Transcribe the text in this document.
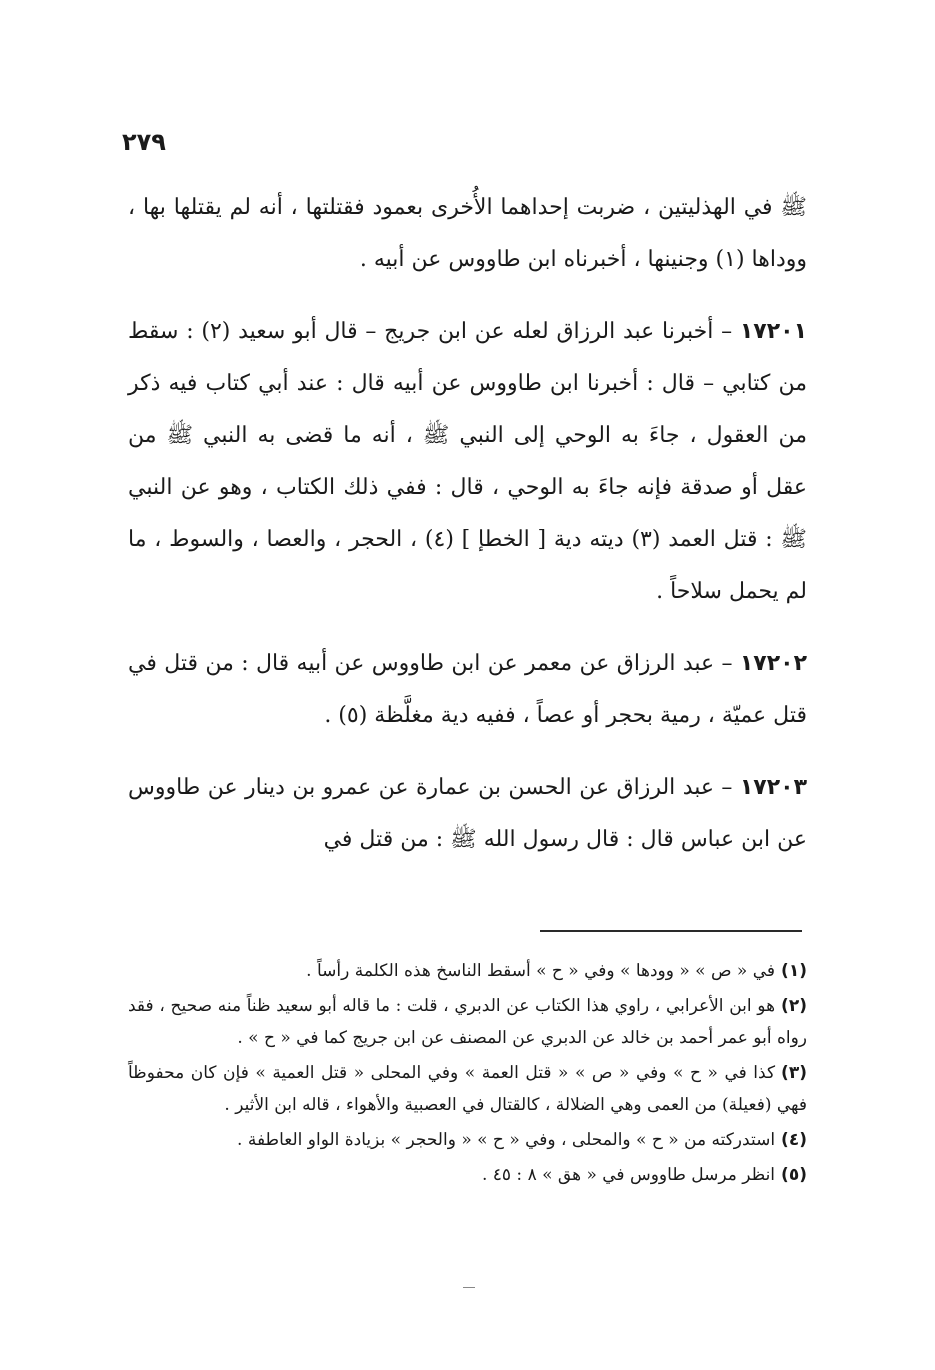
٢٧٩

ﷺ في الهذليتين ، ضربت إحداهما الأُخرى بعمود فقتلتها ، أنه لم يقتلها بها ، ووداها (١) وجنينها ، أخبرناه ابن طاووس عن أبيه .

١٧٢٠١ – أخبرنا عبد الرزاق لعله عن ابن جريج – قال أبو سعيد (٢) : سقط من كتابي – قال : أخبرنا ابن طاووس عن أبيه قال : عند أبي كتاب فيه ذكر من العقول ، جاءَ به الوحي إلى النبي ﷺ ، أنه ما قضى به النبي ﷺ من عقل أو صدقة فإنه جاءَ به الوحي ، قال : ففي ذلك الكتاب ، وهو عن النبي ﷺ : قتل العمد (٣) ديته دية [ الخطإ ] (٤) ، الحجر ، والعصا ، والسوط ، ما لم يحمل سلاحاً .

١٧٢٠٢ – عبد الرزاق عن معمر عن ابن طاووس عن أبيه قال : من قتل في قتل عميّة ، رمية بحجر أو عصاً ، ففيه دية مغلَّظة (٥) .

١٧٢٠٣ – عبد الرزاق عن الحسن بن عمارة عن عمرو بن دينار عن طاووس عن ابن عباس قال : قال رسول الله ﷺ : من قتل في

(١)في « ص » « وودها » وفي « ح » أسقط الناسخ هذه الكلمة رأساً .
(٢)هو ابن الأعرابي ، راوي هذا الكتاب عن الدبري ، قلت : ما قاله أبو سعيد ظناً منه صحيح ، فقد رواه أبو عمر أحمد بن خالد عن الدبري عن المصنف عن ابن جريج كما في « ح » .
(٣)كذا في « ح » وفي « ص » « قتل العمة » وفي المحلى « قتل العمية » فإن كان محفوظاً فهي (فعيلة) من العمى وهي الضلالة ، كالقتال في العصبية والأهواء ، قاله ابن الأثير .
(٤)استدركته من « ح » والمحلى ، وفي « ح » « والحجر » بزيادة الواو العاطفة .
(٥)انظر مرسل طاووس في « هق » ٨ : ٤٥ .
